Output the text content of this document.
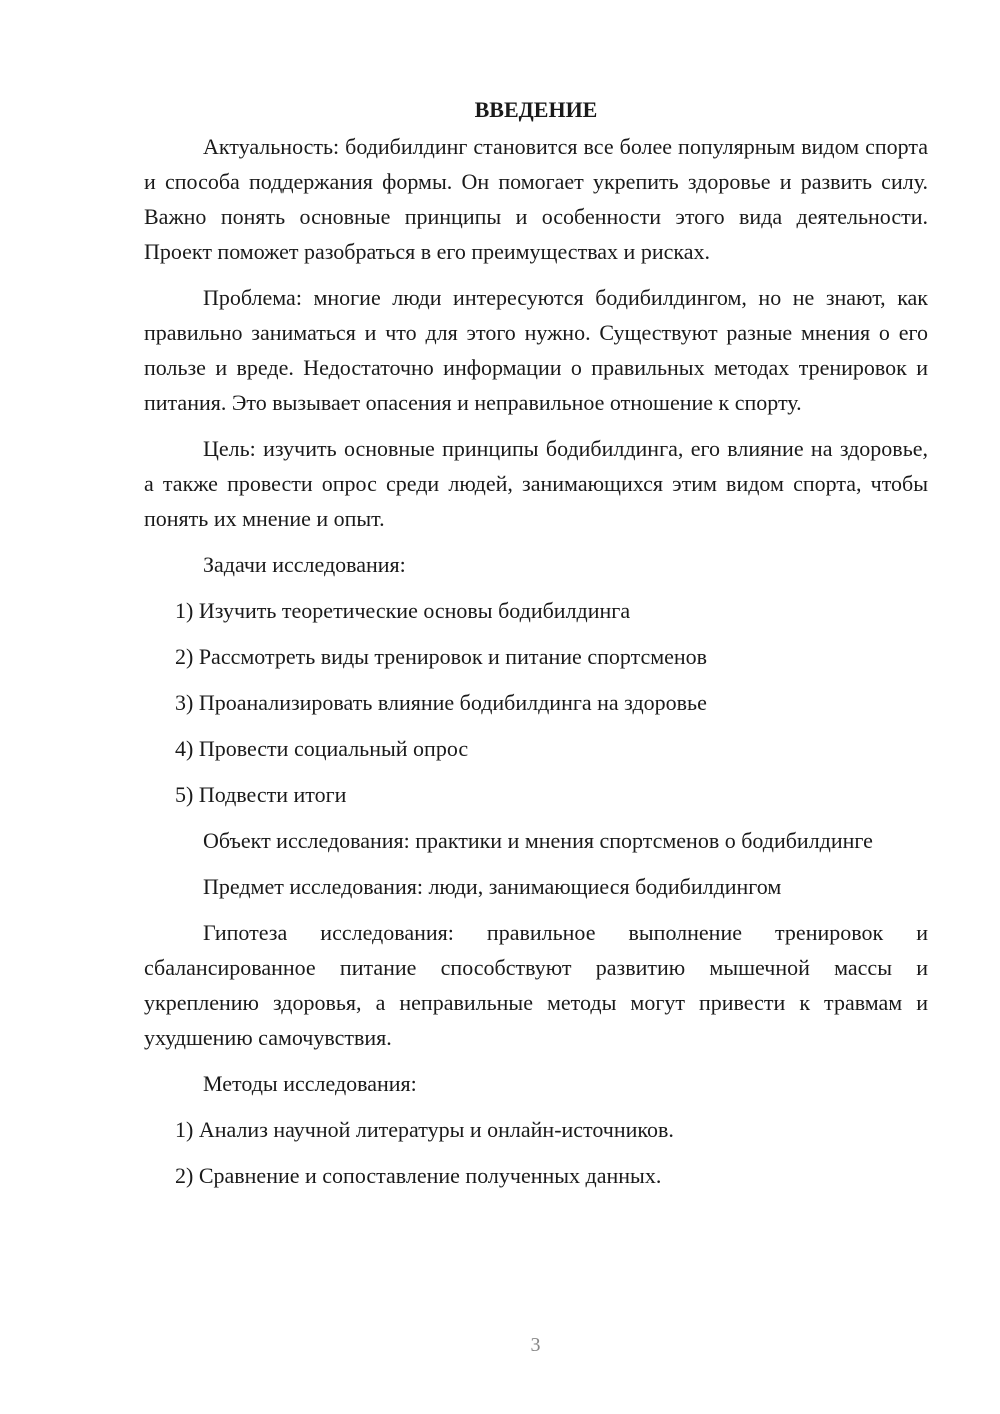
ВВЕДЕНИЕ

Актуальность: бодибилдинг становится все более популярным видом спорта и способа поддержания формы. Он помогает укрепить здоровье и развить силу. Важно понять основные принципы и особенности этого вида деятельности. Проект поможет разобраться в его преимуществах и рисках.

Проблема: многие люди интересуются бодибилдингом, но не знают, как правильно заниматься и что для этого нужно. Существуют разные мнения о его пользе и вреде. Недостаточно информации о правильных методах тренировок и питания. Это вызывает опасения и неправильное отношение к спорту.

Цель: изучить основные принципы бодибилдинга, его влияние на здоровье, а также провести опрос среди людей, занимающихся этим видом спорта, чтобы понять их мнение и опыт.

Задачи исследования:

1) Изучить теоретические основы бодибилдинга

2) Рассмотреть виды тренировок и питание спортсменов

3) Проанализировать влияние бодибилдинга на здоровье

4) Провести социальный опрос

5) Подвести итоги

Объект исследования: практики и мнения спортсменов о бодибилдинге

Предмет исследования: люди, занимающиеся бодибилдингом

Гипотеза исследования: правильное выполнение тренировок и сбалансированное питание способствуют развитию мышечной массы и укреплению здоровья, а неправильные методы могут привести к травмам и ухудшению самочувствия.

Методы исследования:

1) Анализ научной литературы и онлайн-источников.

2) Сравнение и сопоставление полученных данных.

3
